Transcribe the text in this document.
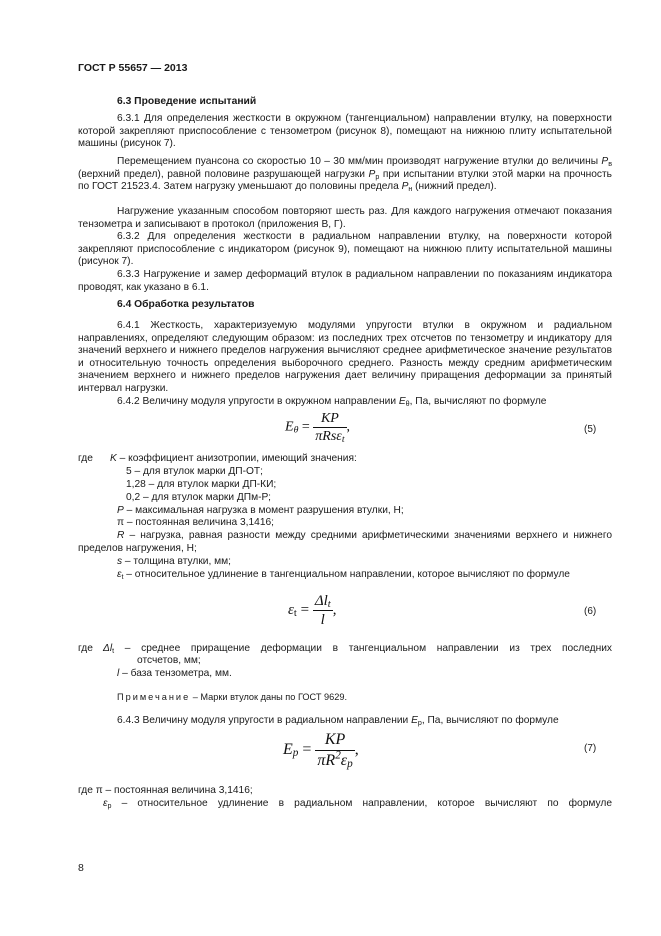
ГОСТ Р 55657 — 2013
6.3 Проведение испытаний
6.3.1 Для определения жесткости в окружном (тангенциальном) направлении втулку, на поверхности которой закрепляют приспособление с тензометром (рисунок 8), помещают на нижнюю плиту испытательной машины (рисунок 7).
Перемещением пуансона со скоростью 10 – 30 мм/мин производят нагружение втулки до величины $P_в$ (верхний предел), равной половине разрушающей нагрузки $P_р$ при испытании втулки этой марки на прочность по ГОСТ 21523.4. Затем нагрузку уменьшают до половины предела $P_н$ (нижний предел).
Нагружение указанным способом повторяют шесть раз. Для каждого нагружения отмечают показания тензометра и записывают в протокол (приложения В, Г).
6.3.2 Для определения жесткости в радиальном направлении втулку, на поверхности которой закрепляют приспособление с индикатором (рисунок 9), помещают на нижнюю плиту испытательной машины (рисунок 7).
6.3.3 Нагружение и замер деформаций втулок в радиальном направлении по показаниям индикатора проводят, как указано в 6.1.
6.4 Обработка результатов
6.4.1 Жесткость, характеризуемую модулями упругости втулки в окружном и радиальном направлениях, определяют следующим образом: из последних трех отсчетов по тензометру и индикатору для значений верхнего и нижнего пределов нагружения вычисляют среднее арифметическое значение результатов и относительную точность определения выборочного среднего. Разность между средним арифметическим значением верхнего и нижнего пределов нагружения дает величину приращения деформации за принятый интервал нагрузки.
6.4.2 Величину модуля упругости в окружном направлении $E_\theta$, Па, вычисляют по формуле
$E_\theta$ =
KP
πRsε$_t$
,	(5)
где K – коэффициент анизотропии, имеющий значения:
5 – для втулок марки ДП-ОТ;
1,28 – для втулок марки ДП-КИ;
0,2 – для втулок марки ДПм-Р;
P – максимальная нагрузка в момент разрушения втулки, Н;
π – постоянная величина 3,1416;
R – нагрузка, равная разности между средними арифметическими значениями верхнего и нижнего пределов нагружения, Н;
s – толщина втулки, мм;
$\varepsilon_t$ – относительное удлинение в тангенциальном направлении, которое вычисляют по формуле
$\varepsilon_t$ =
$\Delta l_t$
l
,	(6)
где $\Delta l_t$ – среднее приращение деформации в тангенциальном направлении из трех последних
отсчетов, мм;
l – база тензометра, мм.
Примечание – Марки втулок даны по ГОСТ 9629.
6.4.3 Величину модуля упругости в радиальном направлении $E_р$, Па, вычисляют по формуле
$E_p = \frac{KP}{\pi R^2\varepsilon_p}$ ,	(7)
где π – постоянная величина 3,1416;
$\varepsilon_р$ – относительное удлинение в радиальном направлении, которое вычисляют по формуле
8
